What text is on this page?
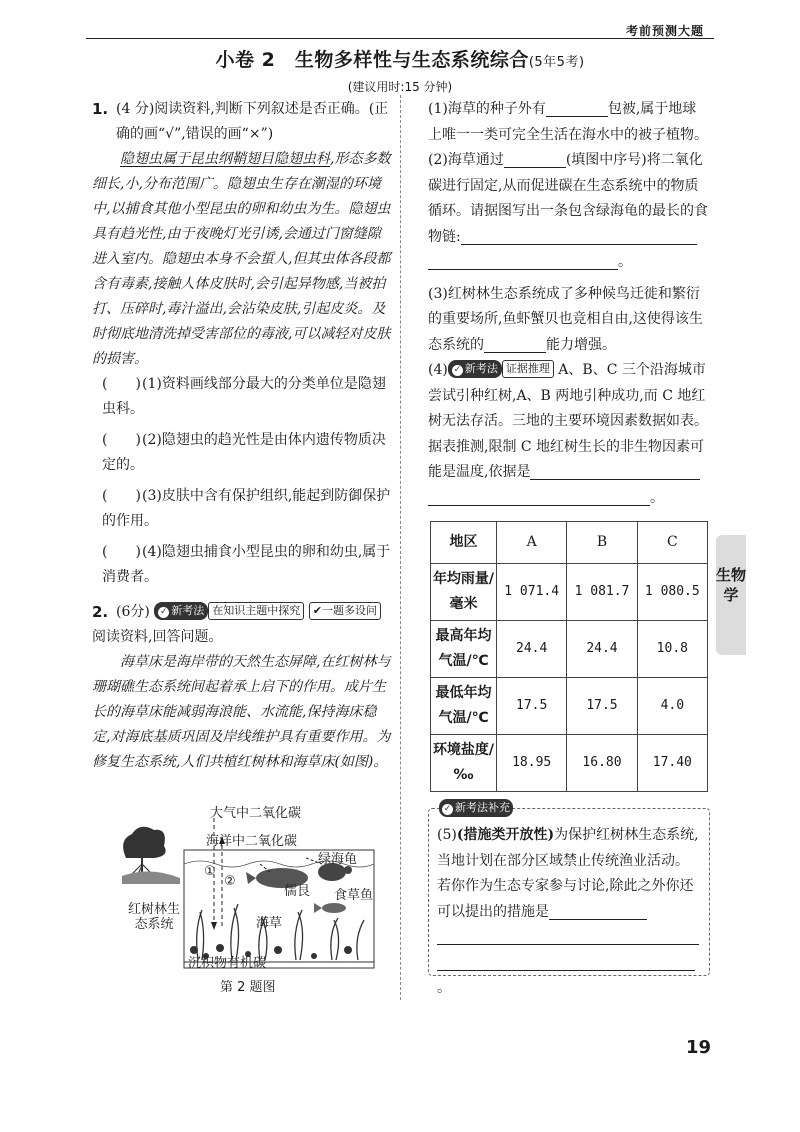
考前预测大题
小卷 2　生物多样性与生态系统综合(5年5考)
(建议用时:15 分钟)
1. (4 分)阅读资料,判断下列叙述是否正确。(正确的画“√”,错误的画“×”)
隐翅虫属于昆虫纲鞘翅目隐翅虫科,形态多数细长,小,分布范围广。隐翅虫生存在潮湿的环境中,以捕食其他小型昆虫的卵和幼虫为生。隐翅虫具有趋光性,由于夜晚灯光引诱,会通过门窗缝隙进入室内。隐翅虫本身不会蜇人,但其虫体各段都含有毒素,接触人体皮肤时,会引起异物感,当被拍打、压碎时,毒汁溢出,会沾染皮肤,引起皮炎。及时彻底地清洗掉受害部位的毒液,可以减轻对皮肤的损害。
(　　)(1)资料画线部分最大的分类单位是隐翅虫科。
(　　)(2)隐翅虫的趋光性是由体内遗传物质决定的。
(　　)(3)皮肤中含有保护组织,能起到防御保护的作用。
(　　)(4)隐翅虫捕食小型昆虫的卵和幼虫,属于消费者。
2. (6分) ✓ 新考法 在知识主题中探究 ✔一题多设问
阅读资料,回答问题。
海草床是海岸带的天然生态屏障,在红树林与珊瑚礁生态系统间起着承上启下的作用。成片生长的海草床能减弱海浪能、水流能,保持海床稳定,对海底基质巩固及岸线维护具有重要作用。为修复生态系统,人们共植红树林和海草床(如图)。
大气中二氧化碳
海洋中二氧化碳
绿海龟
儒艮 食草鱼
海草
红树林生态系统
沉积物有机碳
①
②
第 2 题图
(1)海草的种子外有	包被,属于地球上唯一一类可完全生活在海水中的被子植物。
(2)海草通过	(填图中序号)将二氧化碳进行固定,从而促进碳在生态系统中的物质循环。请据图写出一条包含绿海龟的最长的食物链:
。
(3)红树林生态系统成了多种候鸟迁徙和繁衍的重要场所,鱼虾蟹贝也竞相自由,这使得该生态系统的	能力增强。
(4) ✓ 新考法 证据推理 A、B、C 三个沿海城市尝试引种红树,A、B 两地引种成功,而 C 地红树无法存活。三地的主要环境因素数据如表。据表推测,限制 C 地红树生长的非生物因素可能是温度,依据是
。
地区	A	B	C
年均雨量/毫米	1 071.4	1 081.7	1 080.5
最高年均气温/℃	24.4	24.4	10.8
最低年均气温/℃	17.5	17.5	4.0
环境盐度/‰	18.95	16.80	17.40
✓ 新考法补充
(5)(措施类开放性)为保护红树林生态系统,当地计划在部分区域禁止传统渔业活动。若你作为生态专家参与讨论,除此之外你还可以提出的措施是

。
生物学
19
